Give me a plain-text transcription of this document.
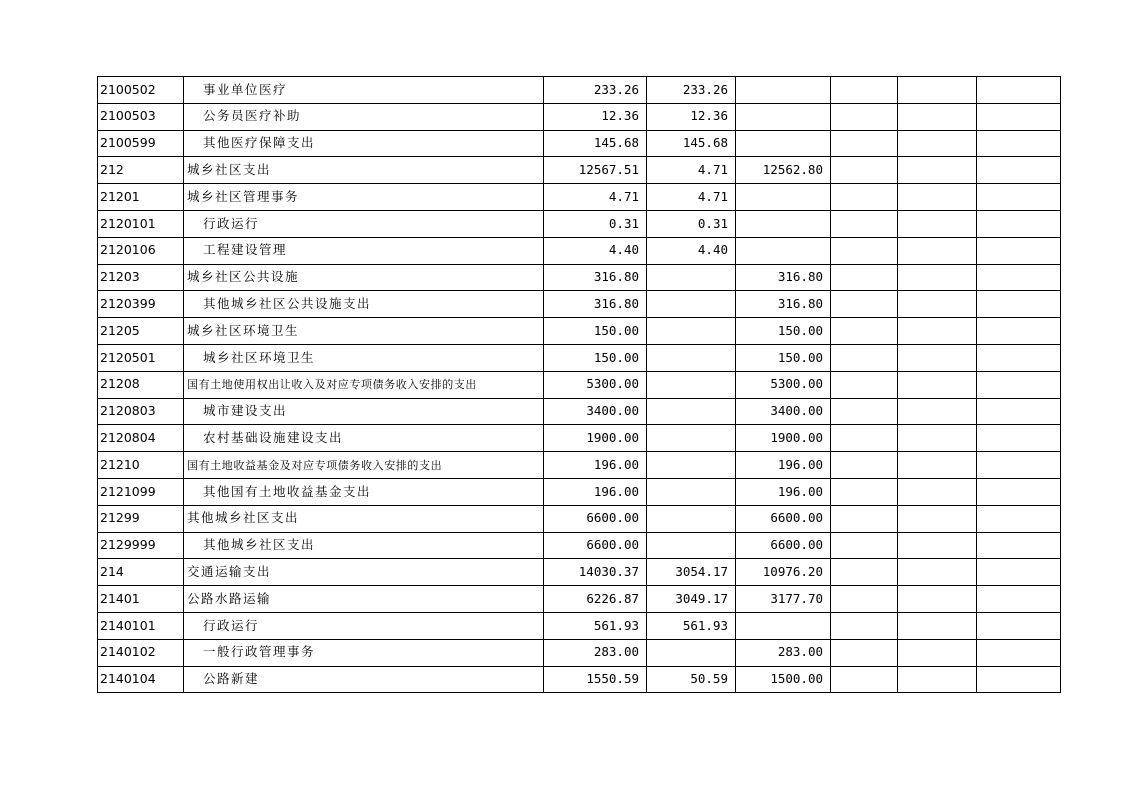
2100502	事业单位医疗	233.26	233.26				
2100503	公务员医疗补助	12.36	12.36				
2100599	其他医疗保障支出	145.68	145.68				
212	城乡社区支出	12567.51	4.71	12562.80			
21201	城乡社区管理事务	4.71	4.71				
2120101	行政运行	0.31	0.31				
2120106	工程建设管理	4.40	4.40				
21203	城乡社区公共设施	316.80		316.80			
2120399	其他城乡社区公共设施支出	316.80		316.80			
21205	城乡社区环境卫生	150.00		150.00			
2120501	城乡社区环境卫生	150.00		150.00			
21208	国有土地使用权出让收入及对应专项债务收入安排的支出	5300.00		5300.00			
2120803	城市建设支出	3400.00		3400.00			
2120804	农村基础设施建设支出	1900.00		1900.00			
21210	国有土地收益基金及对应专项债务收入安排的支出	196.00		196.00			
2121099	其他国有土地收益基金支出	196.00		196.00			
21299	其他城乡社区支出	6600.00		6600.00			
2129999	其他城乡社区支出	6600.00		6600.00			
214	交通运输支出	14030.37	3054.17	10976.20			
21401	公路水路运输	6226.87	3049.17	3177.70			
2140101	行政运行	561.93	561.93				
2140102	一般行政管理事务	283.00		283.00			
2140104	公路新建	1550.59	50.59	1500.00			
